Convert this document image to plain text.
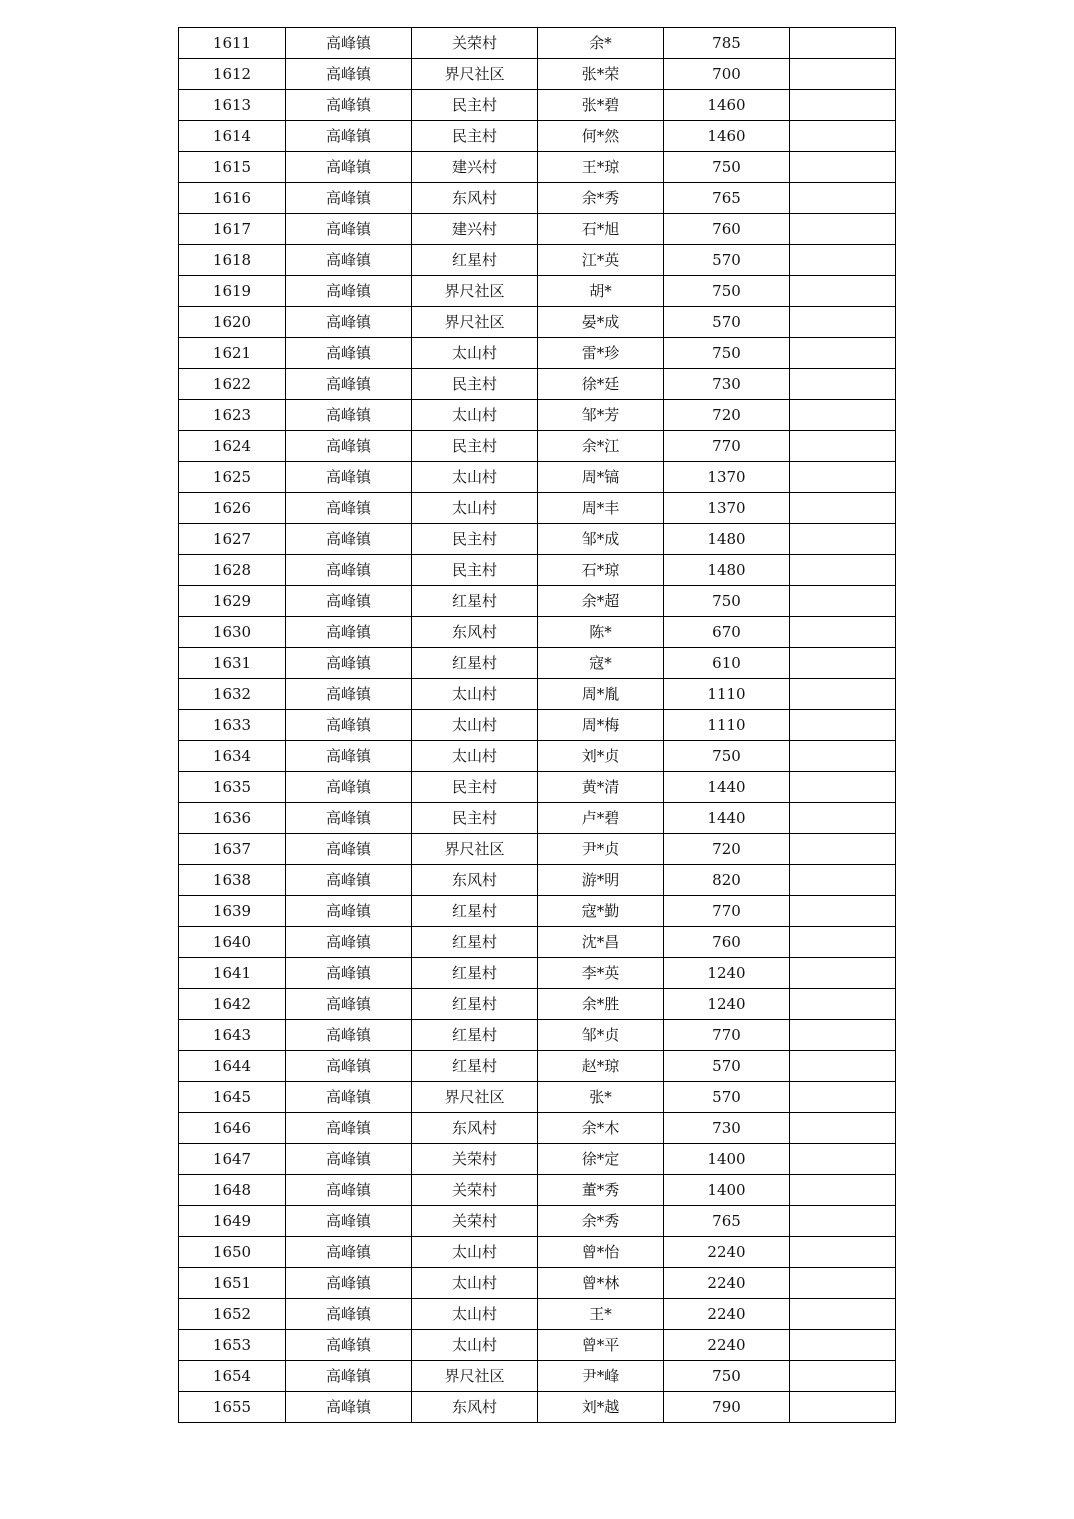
1611	高峰镇	关荣村	余*	785	
1612	高峰镇	界尺社区	张*荣	700	
1613	高峰镇	民主村	张*碧	1460	
1614	高峰镇	民主村	何*然	1460	
1615	高峰镇	建兴村	王*琼	750	
1616	高峰镇	东风村	余*秀	765	
1617	高峰镇	建兴村	石*旭	760	
1618	高峰镇	红星村	江*英	570	
1619	高峰镇	界尺社区	胡*	750	
1620	高峰镇	界尺社区	晏*成	570	
1621	高峰镇	太山村	雷*珍	750	
1622	高峰镇	民主村	徐*廷	730	
1623	高峰镇	太山村	邹*芳	720	
1624	高峰镇	民主村	余*江	770	
1625	高峰镇	太山村	周*镐	1370	
1626	高峰镇	太山村	周*丰	1370	
1627	高峰镇	民主村	邹*成	1480	
1628	高峰镇	民主村	石*琼	1480	
1629	高峰镇	红星村	余*超	750	
1630	高峰镇	东风村	陈*	670	
1631	高峰镇	红星村	寇*	610	
1632	高峰镇	太山村	周*胤	1110	
1633	高峰镇	太山村	周*梅	1110	
1634	高峰镇	太山村	刘*贞	750	
1635	高峰镇	民主村	黄*清	1440	
1636	高峰镇	民主村	卢*碧	1440	
1637	高峰镇	界尺社区	尹*贞	720	
1638	高峰镇	东风村	游*明	820	
1639	高峰镇	红星村	寇*勤	770	
1640	高峰镇	红星村	沈*昌	760	
1641	高峰镇	红星村	李*英	1240	
1642	高峰镇	红星村	余*胜	1240	
1643	高峰镇	红星村	邹*贞	770	
1644	高峰镇	红星村	赵*琼	570	
1645	高峰镇	界尺社区	张*	570	
1646	高峰镇	东风村	余*木	730	
1647	高峰镇	关荣村	徐*定	1400	
1648	高峰镇	关荣村	董*秀	1400	
1649	高峰镇	关荣村	余*秀	765	
1650	高峰镇	太山村	曾*怡	2240	
1651	高峰镇	太山村	曾*林	2240	
1652	高峰镇	太山村	王*	2240	
1653	高峰镇	太山村	曾*平	2240	
1654	高峰镇	界尺社区	尹*峰	750	
1655	高峰镇	东风村	刘*越	790	
